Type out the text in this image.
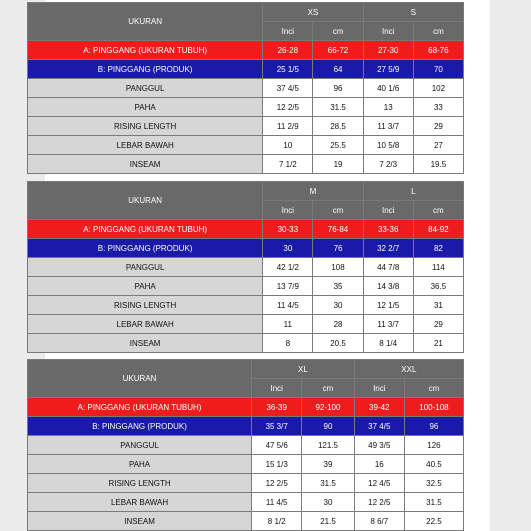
UKURAN	XS		S	
	Inci	cm	Inci	cm
A: PINGGANG (UKURAN TUBUH)	26-28	66-72	27-30	68-76
B: PINGGANG (PRODUK)	25 1/5	64	27 5/9	70
PANGGUL	37 4/5	96	40 1/6	102
PAHA	12 2/5	31.5	13	33
RISING LENGTH	11 2/9	28.5	11 3/7	29
LEBAR BAWAH	10	25.5	10 5/8	27
INSEAM	7 1/2	19	7 2/3	19.5
UKURAN	M		L	
	Inci	cm	Inci	cm
A: PINGGANG (UKURAN TUBUH)	30-33	76-84	33-36	84-92
B: PINGGANG (PRODUK)	30	76	32 2/7	82
PANGGUL	42 1/2	108	44 7/8	114
PAHA	13 7/9	35	14 3/8	36.5
RISING LENGTH	11 4/5	30	12 1/5	31
LEBAR BAWAH	11	28	11 3/7	29
INSEAM	8	20.5	8 1/4	21
UKURAN	XL		XXL	
	Inci	cm	Inci	cm
A: PINGGANG (UKURAN TUBUH)	36-39	92-100	39-42	100-108
B: PINGGANG (PRODUK)	35 3/7	90	37 4/5	96
PANGGUL	47 5/6	121.5	49 3/5	126
PAHA	15 1/3	39	16	40.5
RISING LENGTH	12 2/5	31.5	12 4/5	32.5
LEBAR BAWAH	11 4/5	30	12 2/5	31.5
INSEAM	8 1/2	21.5	8 6/7	22.5
